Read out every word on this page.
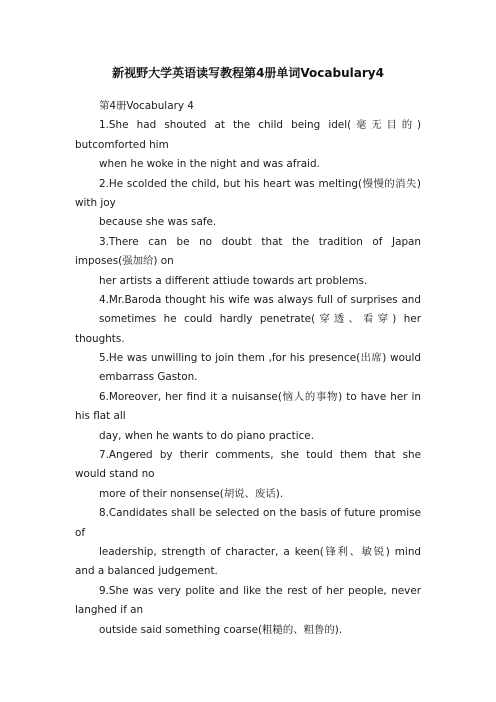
新视野大学英语读写教程第4册单词Vocabulary4
第4册Vocabulary 4
1.She had shouted at the child being idel(毫无目的)
butcomforted him
when he woke in the night and was afraid.
2.He scolded the child, but his heart was melting(慢慢的消失)
with joy
because she was safe.
3.There can be no doubt that the tradition of Japan
imposes(强加给) on
her artists a different attiude towards art problems.
4.Mr.Baroda thought his wife was always full of surprises and
sometimes he could hardly penetrate(穿透、看穿) her
thoughts.
5.He was unwilling to join them ,for his presence(出席) would
embarrass Gaston.
6.Moreover, her find it a nuisanse(恼人的事物) to have her in
his flat all
day, when he wants to do piano practice.
7.Angered by therir comments, she tould them that she
would stand no
more of their nonsense(胡说、废话).
8.Candidates shall be selected on the basis of future promise
of
leadership, strength of character, a keen(锋利、敏锐) mind
and a balanced judgement.
9.She was very polite and like the rest of her people, never
langhed if an
outside said something coarse(粗糙的、粗鲁的).
